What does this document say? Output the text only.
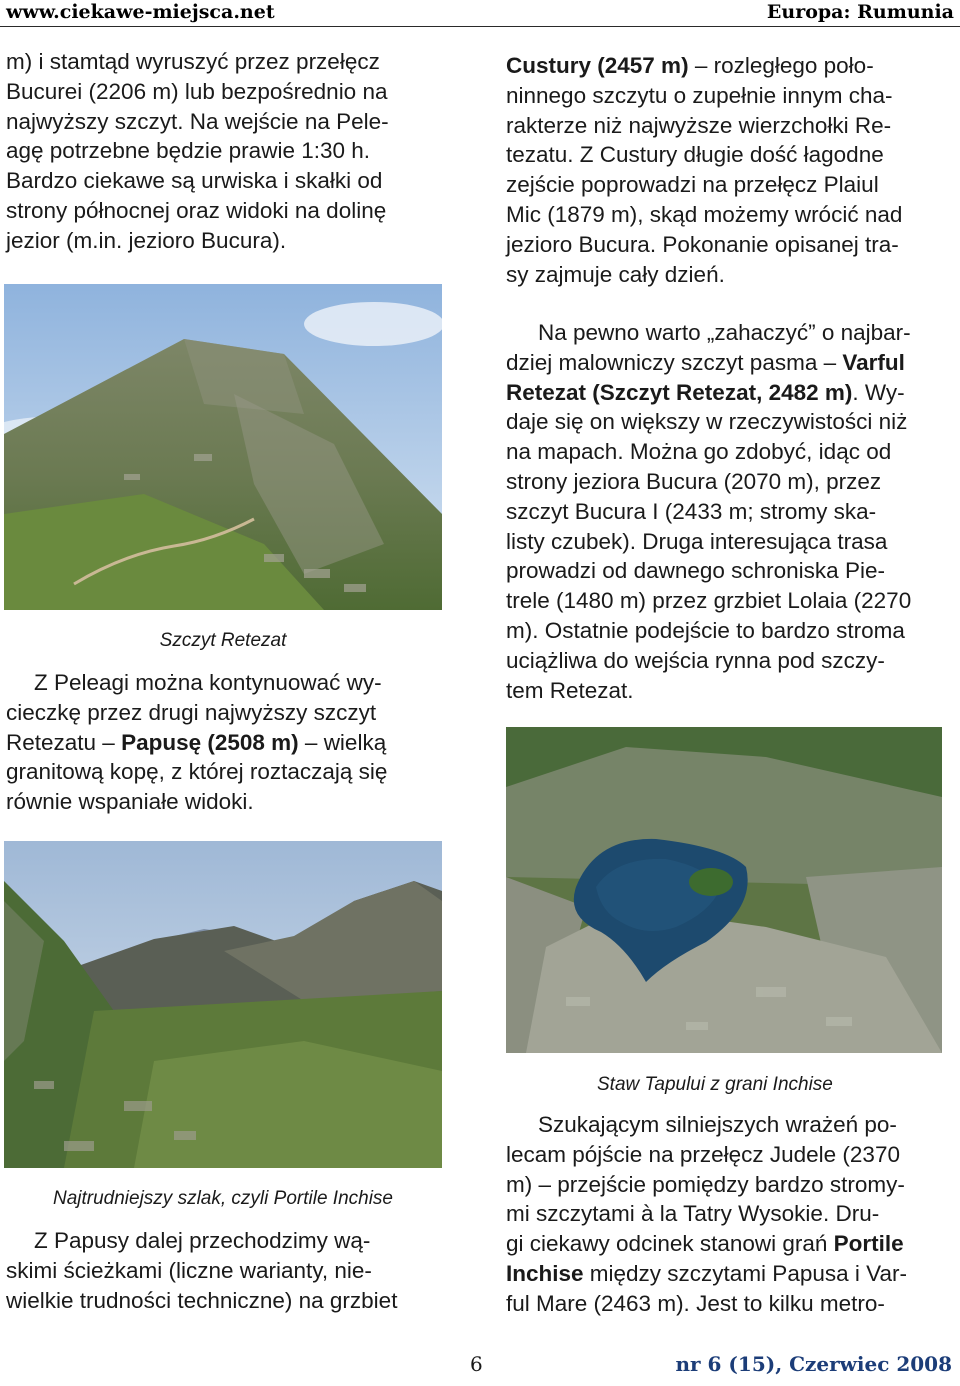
www.ciekawe-miejsca.net	Europa: Rumunia

m) i stamtąd wyruszyć przez przełęcz

Bucurei (2206 m) lub bezpośrednio na

najwyższy szczyt. Na wejście na Pele-

agę potrzebne będzie prawie 1:30 h.

Bardzo ciekawe są urwiska i skałki od

strony północnej oraz widoki na dolinę

jezior (m.in. jezioro Bucura).

Szczyt Retezat

Z Peleagi można kontynuować wy-

cieczkę przez drugi najwyższy szczyt

Retezatu – Papusę (2508 m) – wielką

granitową kopę, z której roztaczają się

równie wspaniałe widoki.

Najtrudniejszy szlak, czyli Portile Inchise

Z Papusy dalej przechodzimy wą-

skimi ścieżkami (liczne warianty, nie-

wielkie trudności techniczne) na grzbiet

Custury (2457 m) – rozległego poło-

ninnego szczytu o zupełnie innym cha-

rakterze niż najwyższe wierzchołki Re-

tezatu. Z Custury długie dość łagodne

zejście poprowadzi na przełęcz Plaiul

Mic (1879 m), skąd możemy wrócić nad

jezioro Bucura. Pokonanie opisanej tra-

sy zajmuje cały dzień.

Na pewno warto „zahaczyć” o najbar-

dziej malowniczy szczyt pasma – Varful

Retezat (Szczyt Retezat, 2482 m). Wy-

daje się on większy w rzeczywistości niż

na mapach. Można go zdobyć, idąc od

strony jeziora Bucura (2070 m), przez

szczyt Bucura I (2433 m; stromy ska-

listy czubek). Druga interesująca trasa

prowadzi od dawnego schroniska Pie-

trele (1480 m) przez grzbiet Lolaia (2270

m). Ostatnie podejście to bardzo stroma

uciążliwa do wejścia rynna pod szczy-

tem Retezat.

Staw Tapului z grani Inchise

Szukającym silniejszych wrażeń po-

lecam pójście na przełęcz Judele (2370

m) – przejście pomiędzy bardzo stromy-

mi szczytami à la Tatry Wysokie. Dru-

gi ciekawy odcinek stanowi grań Portile

Inchise między szczytami Papusa i Var-

ful Mare (2463 m). Jest to kilku metro-

6	nr 6 (15), Czerwiec 2008
